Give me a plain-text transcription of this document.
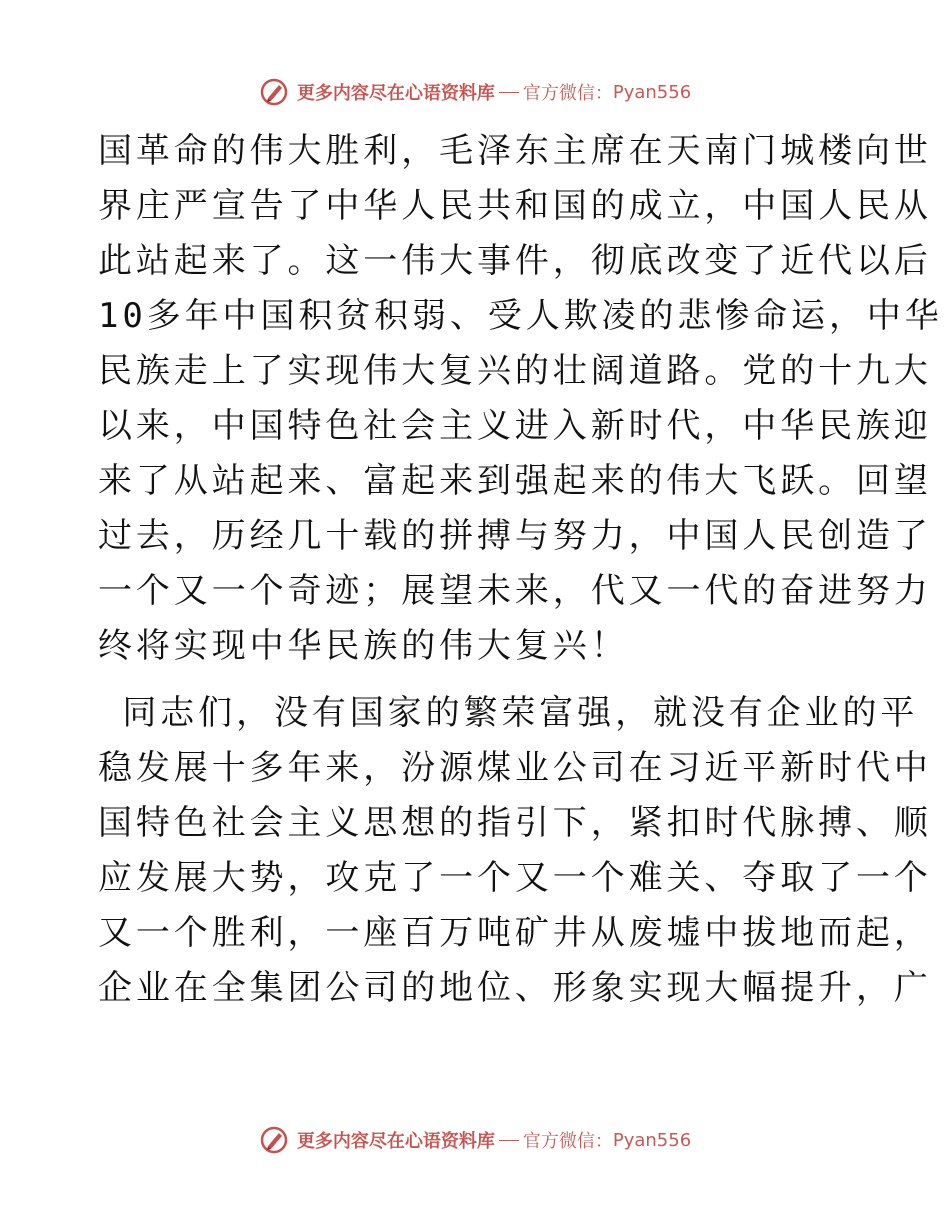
更多内容尽在心语资料库 官方微信： Pyan556
国革命的伟大胜利，毛泽东主席在天南门城楼向世
界庄严宣告了中华人民共和国的成立，中国人民从
此站起来了。这一伟大事件，彻底改变了近代以后
10多年中国积贫积弱、受人欺凌的悲惨命运，中华
民族走上了实现伟大复兴的壮阔道路。党的十九大
以来，中国特色社会主义进入新时代，中华民族迎
来了从站起来、富起来到强起来的伟大飞跃。回望
过去，历经几十载的拼搏与努力，中国人民创造了
一个又一个奇迹；展望未来，代又一代的奋进努力
终将实现中华民族的伟大复兴！
同志们，没有国家的繁荣富强，就没有企业的平
稳发展十多年来，汾源煤业公司在习近平新时代中
国特色社会主义思想的指引下，紧扣时代脉搏、顺
应发展大势，攻克了一个又一个难关、夺取了一个
又一个胜利，一座百万吨矿井从废墟中拔地而起，
企业在全集团公司的地位、形象实现大幅提升，广
更多内容尽在心语资料库 官方微信： Pyan556
